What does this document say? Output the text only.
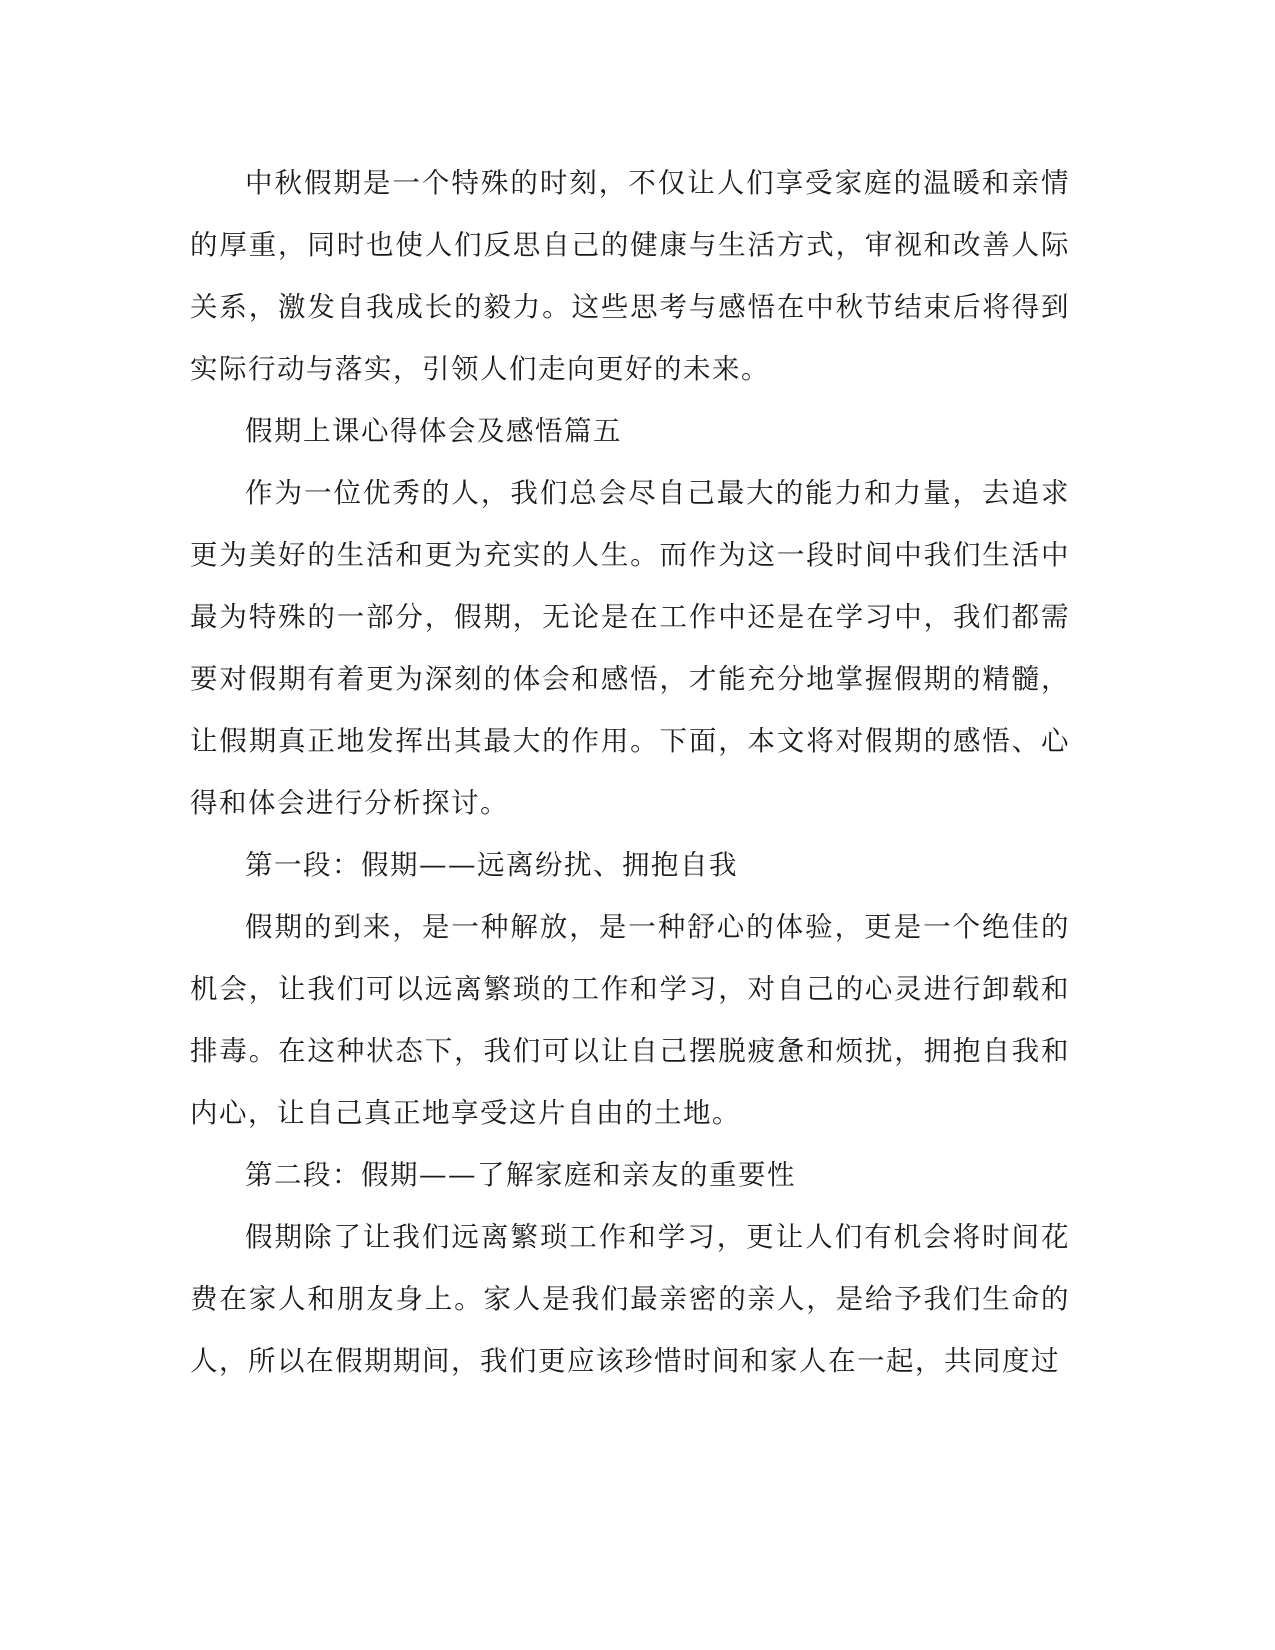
中秋假期是一个特殊的时刻，不仅让人们享受家庭的温暖和亲情的厚重，同时也使人们反思自己的健康与生活方式，审视和改善人际关系，激发自我成长的毅力。这些思考与感悟在中秋节结束后将得到实际行动与落实，引领人们走向更好的未来。

假期上课心得体会及感悟篇五

作为一位优秀的人，我们总会尽自己最大的能力和力量，去追求更为美好的生活和更为充实的人生。而作为这一段时间中我们生活中最为特殊的一部分，假期，无论是在工作中还是在学习中，我们都需要对假期有着更为深刻的体会和感悟，才能充分地掌握假期的精髓，让假期真正地发挥出其最大的作用。下面，本文将对假期的感悟、心得和体会进行分析探讨。

第一段：假期——远离纷扰、拥抱自我

假期的到来，是一种解放，是一种舒心的体验，更是一个绝佳的机会，让我们可以远离繁琐的工作和学习，对自己的心灵进行卸载和排毒。在这种状态下，我们可以让自己摆脱疲惫和烦扰，拥抱自我和内心，让自己真正地享受这片自由的土地。

第二段：假期——了解家庭和亲友的重要性

假期除了让我们远离繁琐工作和学习，更让人们有机会将时间花费在家人和朋友身上。家人是我们最亲密的亲人，是给予我们生命的人，所以在假期期间，我们更应该珍惜时间和家人在一起，共同度过
